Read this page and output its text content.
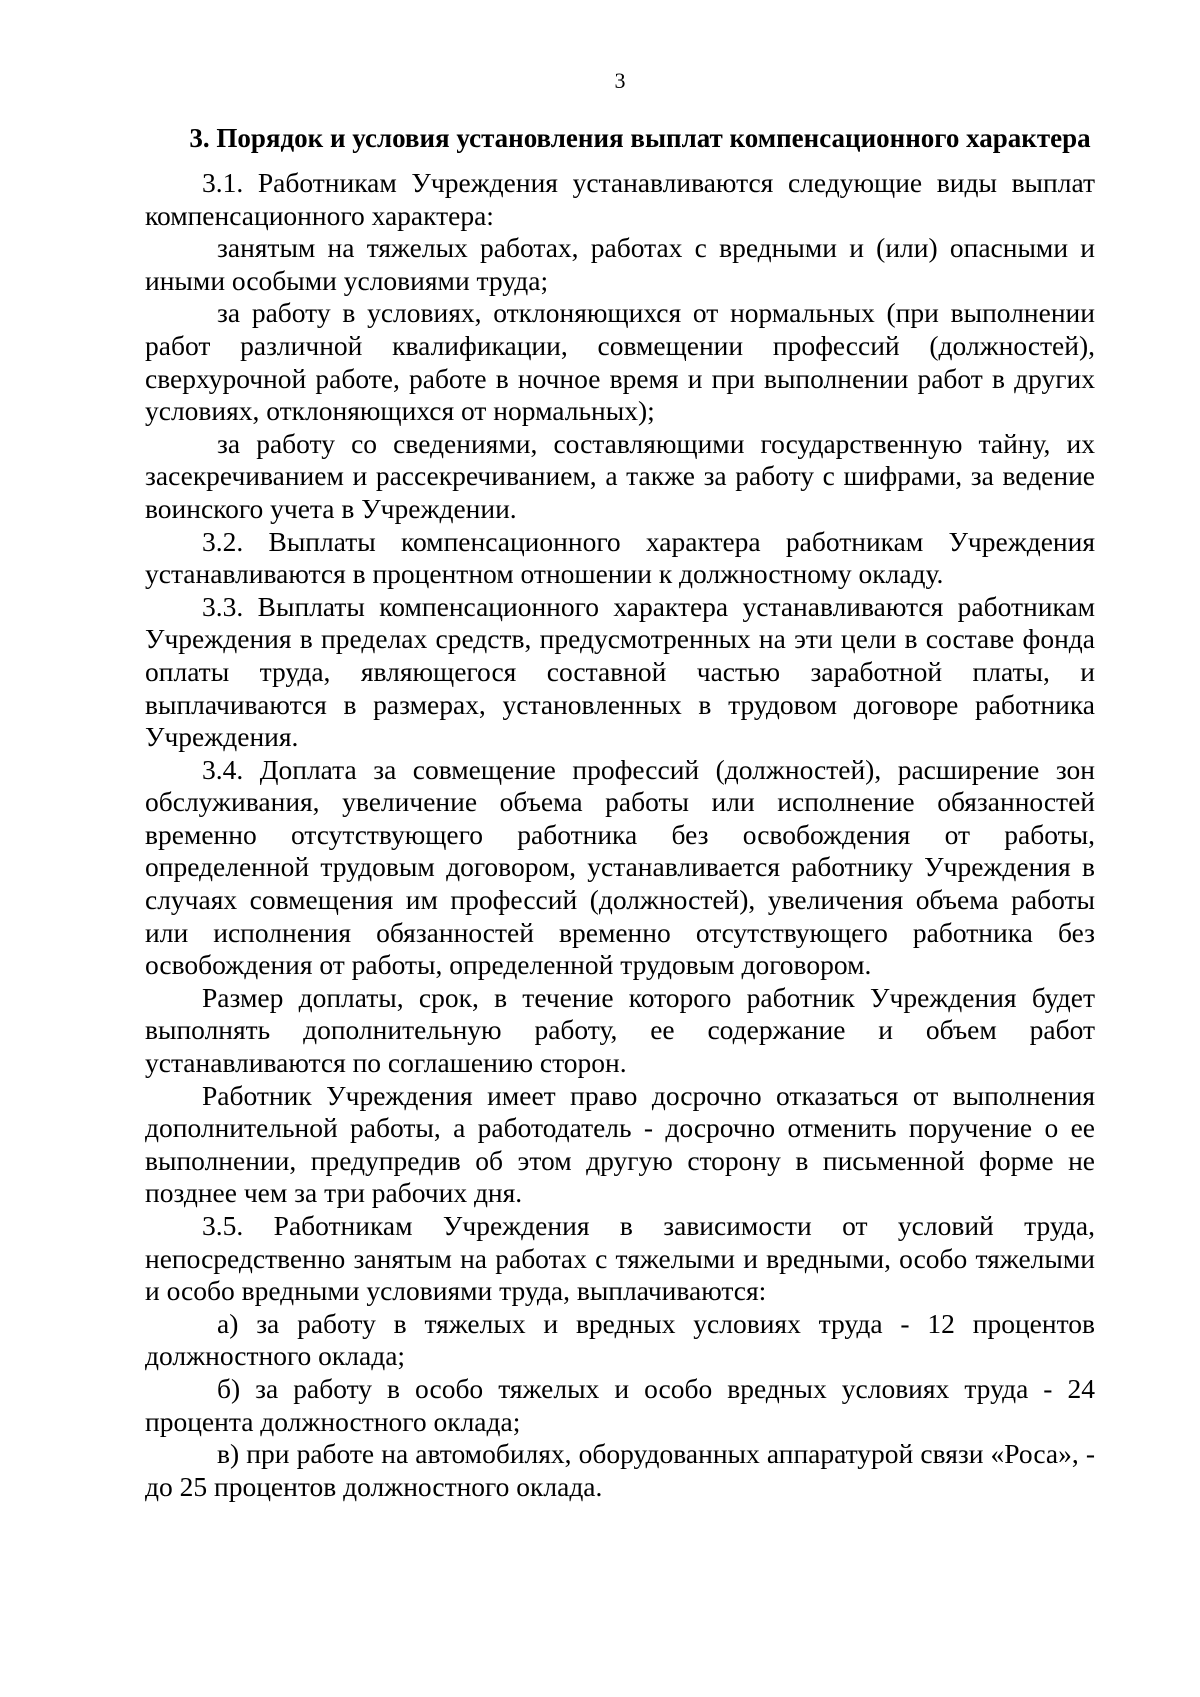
3
3. Порядок и условия установления выплат компенсационного характера

3.1. Работникам Учреждения устанавливаются следующие виды выплат компенсационного характера:

занятым на тяжелых работах, работах с вредными и (или) опасными и иными особыми условиями труда;

за работу в условиях, отклоняющихся от нормальных (при выполнении работ различной квалификации, совмещении профессий (должностей), сверхурочной работе, работе в ночное время и при выполнении работ в других условиях, отклоняющихся от нормальных);

за работу со сведениями, составляющими государственную тайну, их засекречиванием и рассекречиванием, а также за работу с шифрами, за ведение воинского учета в Учреждении.

3.2. Выплаты компенсационного характера работникам Учреждения устанавливаются в процентном отношении к должностному окладу.

3.3. Выплаты компенсационного характера устанавливаются работникам Учреждения в пределах средств, предусмотренных на эти цели в составе фонда оплаты труда, являющегося составной частью заработной платы, и выплачиваются в размерах, установленных в трудовом договоре работника Учреждения.

3.4. Доплата за совмещение профессий (должностей), расширение зон обслуживания, увеличение объема работы или исполнение обязанностей временно отсутствующего работника без освобождения от работы, определенной трудовым договором, устанавливается работнику Учреждения в случаях совмещения им профессий (должностей), увеличения объема работы или исполнения обязанностей временно отсутствующего работника без освобождения от работы, определенной трудовым договором.

Размер доплаты, срок, в течение которого работник Учреждения будет выполнять дополнительную работу, ее содержание и объем работ устанавливаются по соглашению сторон.

Работник Учреждения имеет право досрочно отказаться от выполнения дополнительной работы, а работодатель - досрочно отменить поручение о ее выполнении, предупредив об этом другую сторону в письменной форме не позднее чем за три рабочих дня.

3.5. Работникам Учреждения в зависимости от условий труда, непосредственно занятым на работах с тяжелыми и вредными, особо тяжелыми и особо вредными условиями труда, выплачиваются:

а) за работу в тяжелых и вредных условиях труда - 12 процентов должностного оклада;

б) за работу в особо тяжелых и особо вредных условиях труда - 24 процента должностного оклада;

в) при работе на автомобилях, оборудованных аппаратурой связи «Роса», - до 25 процентов должностного оклада.
